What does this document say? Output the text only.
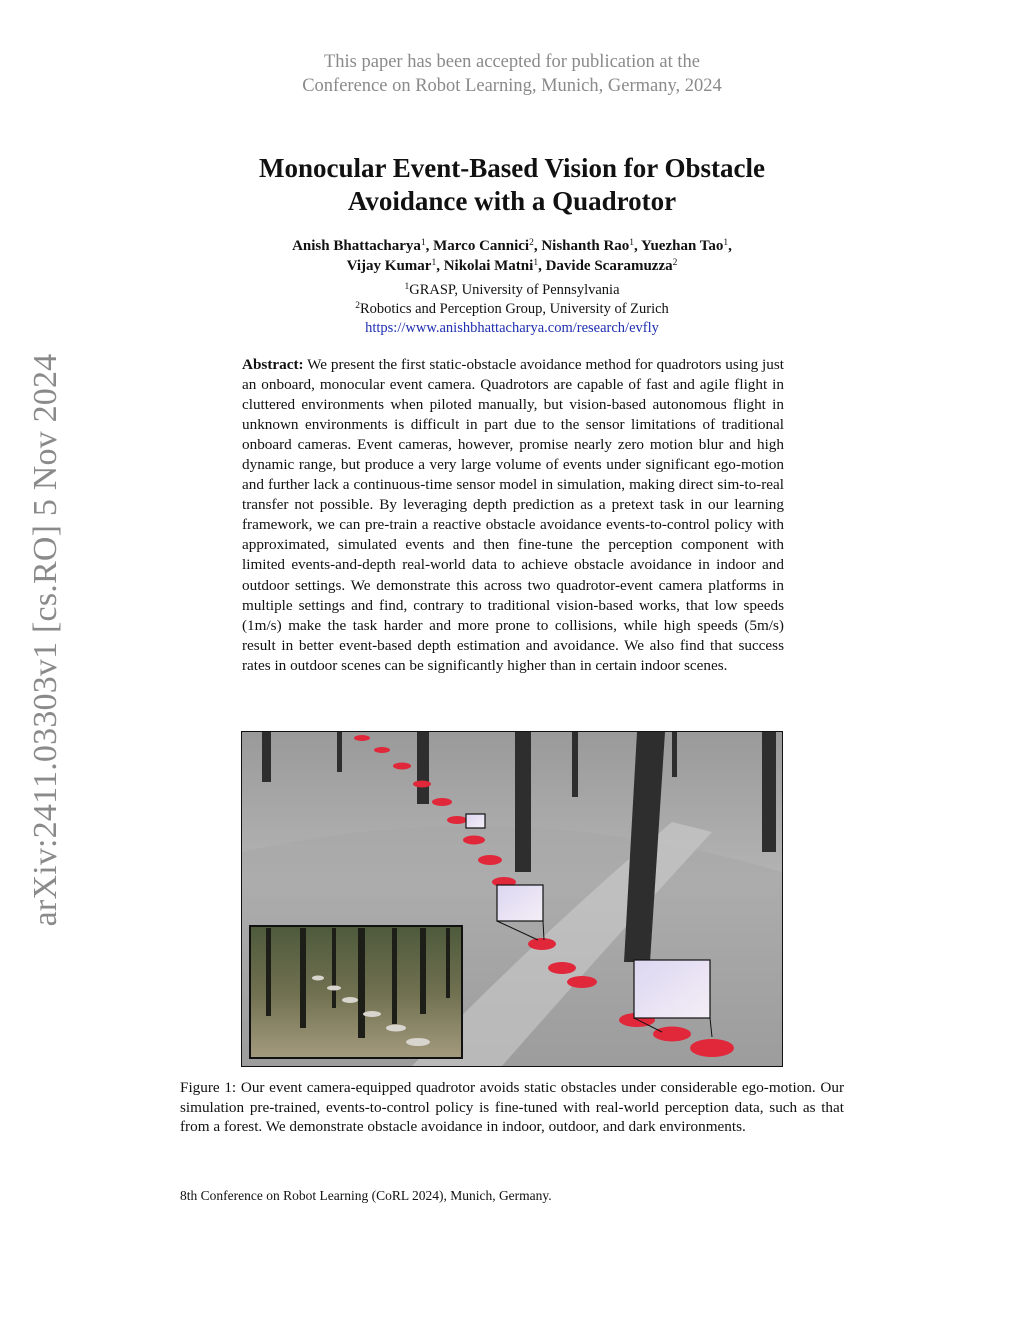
This paper has been accepted for publication at the
Conference on Robot Learning, Munich, Germany, 2024
arXiv:2411.03303v1 [cs.RO] 5 Nov 2024
Monocular Event-Based Vision for Obstacle
Avoidance with a Quadrotor
Anish Bhattacharya$^1$, Marco Cannici$^2$, Nishanth Rao$^1$, Yuezhan Tao$^1$,
Vijay Kumar$^1$, Nikolai Matni$^1$, Davide Scaramuzza$^2$
$^1$GRASP, University of Pennsylvania
$^2$Robotics and Perception Group, University of Zurich
https://www.anishbhattacharya.com/research/evfly
Abstract: We present the first static-obstacle avoidance method for quadrotors using just an onboard, monocular event camera. Quadrotors are capable of fast and agile flight in cluttered environments when piloted manually, but vision-based autonomous flight in unknown environments is difficult in part due to the sensor limitations of traditional onboard cameras. Event cameras, however, promise nearly zero motion blur and high dynamic range, but produce a very large volume of events under significant ego-motion and further lack a continuous-time sensor model in simulation, making direct sim-to-real transfer not possible. By leveraging depth prediction as a pretext task in our learning framework, we can pre-train a reactive obstacle avoidance events-to-control policy with approximated, simulated events and then fine-tune the perception component with limited events-and-depth real-world data to achieve obstacle avoidance in indoor and outdoor settings. We demonstrate this across two quadrotor-event camera platforms in multiple settings and find, contrary to traditional vision-based works, that low speeds (1m/s) make the task harder and more prone to collisions, while high speeds (5m/s) result in better event-based depth estimation and avoidance. We also find that success rates in outdoor scenes can be significantly higher than in certain indoor scenes.
Figure 1: Our event camera-equipped quadrotor avoids static obstacles under considerable ego-motion. Our simulation pre-trained, events-to-control policy is fine-tuned with real-world perception data, such as that from a forest. We demonstrate obstacle avoidance in indoor, outdoor, and dark environments.
8th Conference on Robot Learning (CoRL 2024), Munich, Germany.
